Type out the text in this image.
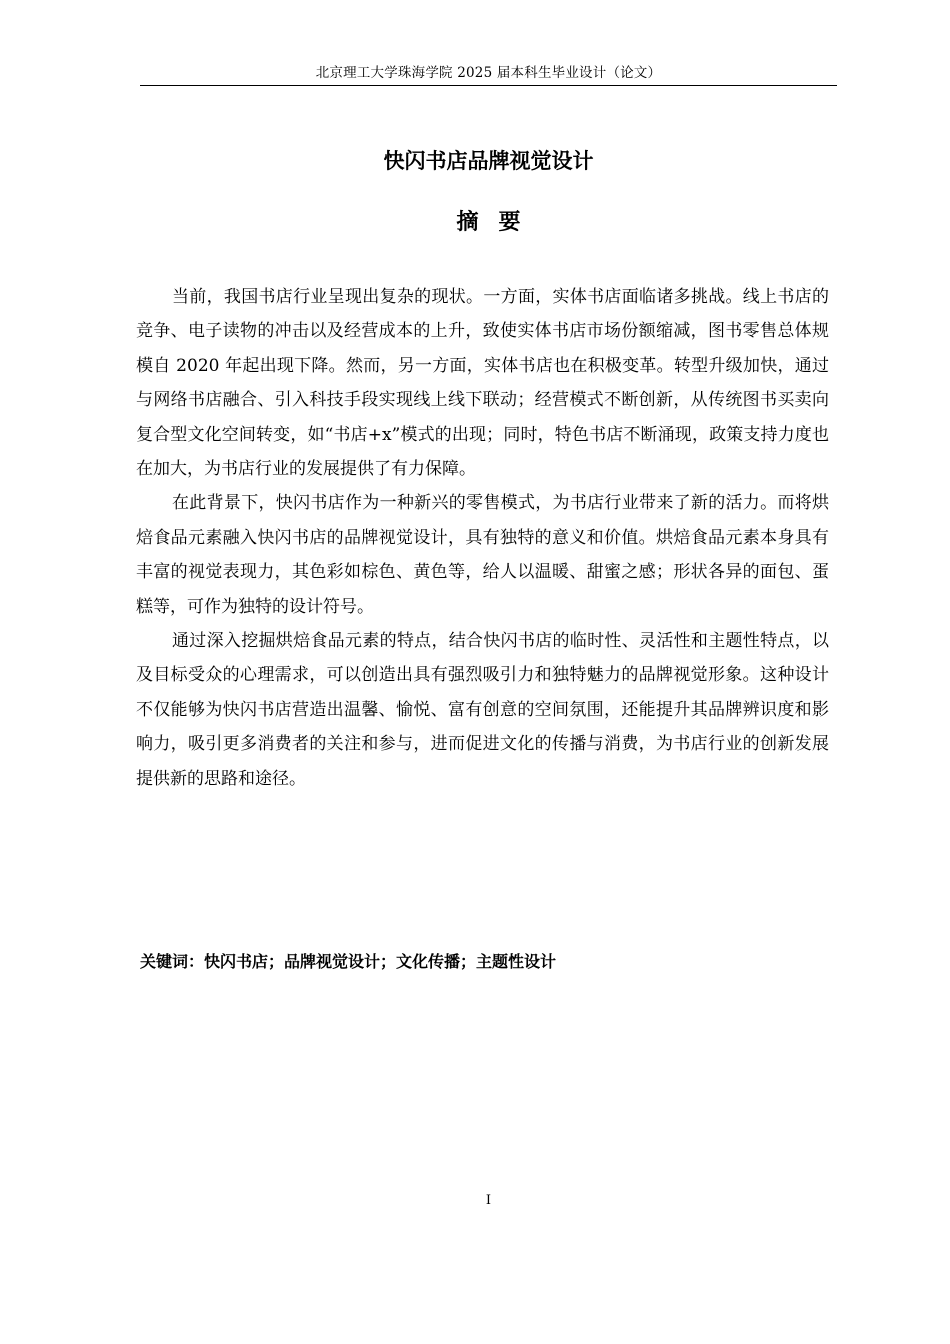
北京理工大学珠海学院 2025 届本科生毕业设计（论文）
快闪书店品牌视觉设计
摘要

当前，我国书店行业呈现出复杂的现状。一方面，实体书店面临诸多挑战。线上书店的竞争、电子读物的冲击以及经营成本的上升，致使实体书店市场份额缩减，图书零售总体规模自 2020 年起出现下降。然而，另一方面，实体书店也在积极变革。转型升级加快，通过与网络书店融合、引入科技手段实现线上线下联动；经营模式不断创新，从传统图书买卖向复合型文化空间转变，如“书店+x”模式的出现；同时，特色书店不断涌现，政策支持力度也在加大，为书店行业的发展提供了有力保障。

在此背景下，快闪书店作为一种新兴的零售模式，为书店行业带来了新的活力。而将烘焙食品元素融入快闪书店的品牌视觉设计，具有独特的意义和价值。烘焙食品元素本身具有丰富的视觉表现力，其色彩如棕色、黄色等，给人以温暖、甜蜜之感；形状各异的面包、蛋糕等，可作为独特的设计符号。

通过深入挖掘烘焙食品元素的特点，结合快闪书店的临时性、灵活性和主题性特点，以及目标受众的心理需求，可以创造出具有强烈吸引力和独特魅力的品牌视觉形象。这种设计不仅能够为快闪书店营造出温馨、愉悦、富有创意的空间氛围，还能提升其品牌辨识度和影响力，吸引更多消费者的关注和参与，进而促进文化的传播与消费，为书店行业的创新发展提供新的思路和途径。

关键词：快闪书店；品牌视觉设计；文化传播；主题性设计
I
